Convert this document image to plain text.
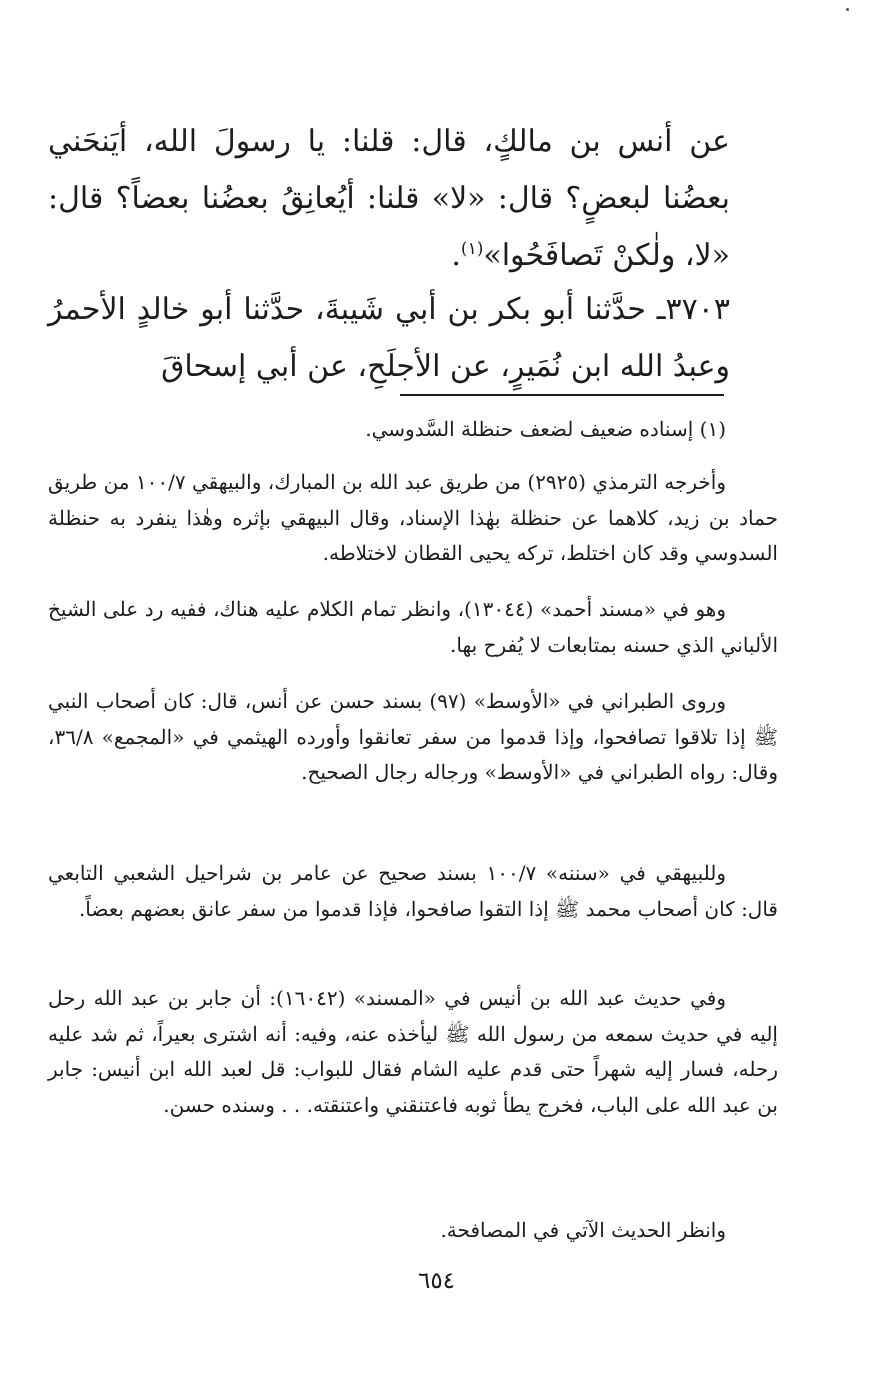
عن أنس بن مالكٍ، قال: قلنا: يا رسولَ الله، أيَنحَني بعضُنا لبعضٍ؟ قال: «لا» قلنا: أيُعانِقُ بعضُنا بعضاً؟ قال: «لا، ولٰكنْ تَصافَحُوا»$^{(١)}$.

٣٧٠٣ـ حدَّثنا أبو بكر بن أبي شَيبةَ، حدَّثنا أبو خالدٍ الأحمرُ وعبدُ الله ابن نُمَيرٍ، عن الأجلَحِ، عن أبي إسحاقَ

(١) إسناده ضعيف لضعف حنظلة السَّدوسي.

وأخرجه الترمذي (٢٩٢٥) من طريق عبد الله بن المبارك، والبيهقي ١٠٠/٧ من طريق حماد بن زيد، كلاهما عن حنظلة بهٰذا الإسناد، وقال البيهقي بإثره وهٰذا ينفرد به حنظلة السدوسي وقد كان اختلط، تركه يحيى القطان لاختلاطه.

وهو في «مسند أحمد» (١٣٠٤٤)، وانظر تمام الكلام عليه هناك، ففيه رد على الشيخ الألباني الذي حسنه بمتابعات لا يُفرح بها.

وروى الطبراني في «الأوسط» (٩٧) بسند حسن عن أنس، قال: كان أصحاب النبي ﷺ إذا تلاقوا تصافحوا، وإذا قدموا من سفر تعانقوا وأورده الهيثمي في «المجمع» ٣٦/٨، وقال: رواه الطبراني في «الأوسط» ورجاله رجال الصحيح.

وللبيهقي في «سننه» ١٠٠/٧ بسند صحيح عن عامر بن شراحيل الشعبي التابعي قال: كان أصحاب محمد ﷺ إذا التقوا صافحوا، فإذا قدموا من سفر عانق بعضهم بعضاً.

وفي حديث عبد الله بن أنيس في «المسند» (١٦٠٤٢): أن جابر بن عبد الله رحل إليه في حديث سمعه من رسول الله ﷺ ليأخذه عنه، وفيه: أنه اشترى بعيراً، ثم شد عليه رحله، فسار إليه شهراً حتى قدم عليه الشام فقال للبواب: قل لعبد الله ابن أنيس: جابر بن عبد الله على الباب، فخرج يطأ ثوبه فاعتنقني واعتنقته. . . وسنده حسن.

وانظر الحديث الآتي في المصافحة.

٦٥٤
